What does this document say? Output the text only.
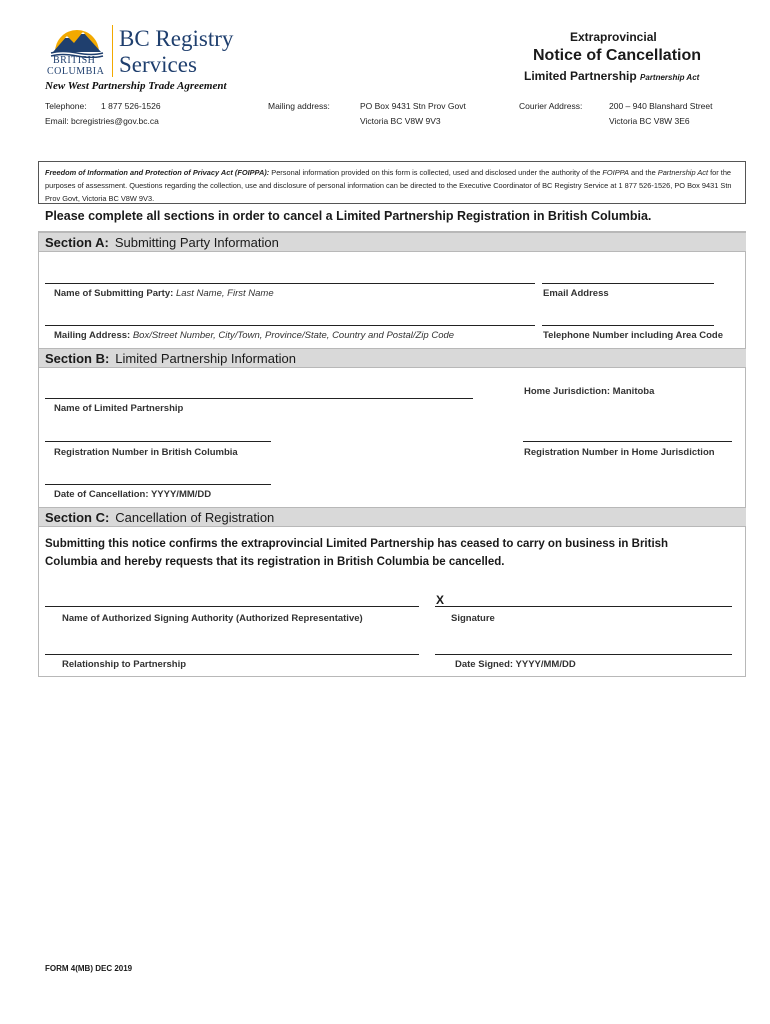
BRITISH
COLUMBIA
BC Registry
Services
New West Partnership Trade Agreement
Extraprovincial
Notice of Cancellation
Limited Partnership Partnership Act
Telephone: 1 877 526-1526
Email: bcregistries@gov.bc.ca
Mailing address:	PO Box 9431 Stn Prov Govt
Victoria BC V8W 9V3
Courier Address:	200 – 940 Blanshard Street
Victoria BC V8W 3E6
Freedom of Information and Protection of Privacy Act (FOIPPA): Personal information provided on this form is collected, used and disclosed under the authority of the FOIPPA and the Partnership Act for the purposes of assessment. Questions regarding the collection, use and disclosure of personal information can be directed to the Executive Coordinator of BC Registry Service at 1 877 526-1526, PO Box 9431 Stn Prov Govt, Victoria BC V8W 9V3.
Please complete all sections in order to cancel a Limited Partnership Registration in British Columbia.
Section A: Submitting Party Information
Name of Submitting Party: Last Name, First Name	Email Address
Mailing Address: Box/Street Number, City/Town, Province/State, Country and Postal/Zip Code	Telephone Number including Area Code
Section B: Limited Partnership Information
Home Jurisdiction: Manitoba
Name of Limited Partnership
Registration Number in British Columbia	Registration Number in Home Jurisdiction
Date of Cancellation: YYYY/MM/DD
Section C: Cancellation of Registration
Submitting this notice confirms the extraprovincial Limited Partnership has ceased to carry on business in British Columbia and hereby requests that its registration in British Columbia be cancelled.
X
Name of Authorized Signing Authority (Authorized Representative)	Signature
Relationship to Partnership	Date Signed: YYYY/MM/DD
FORM 4(MB) DEC 2019
